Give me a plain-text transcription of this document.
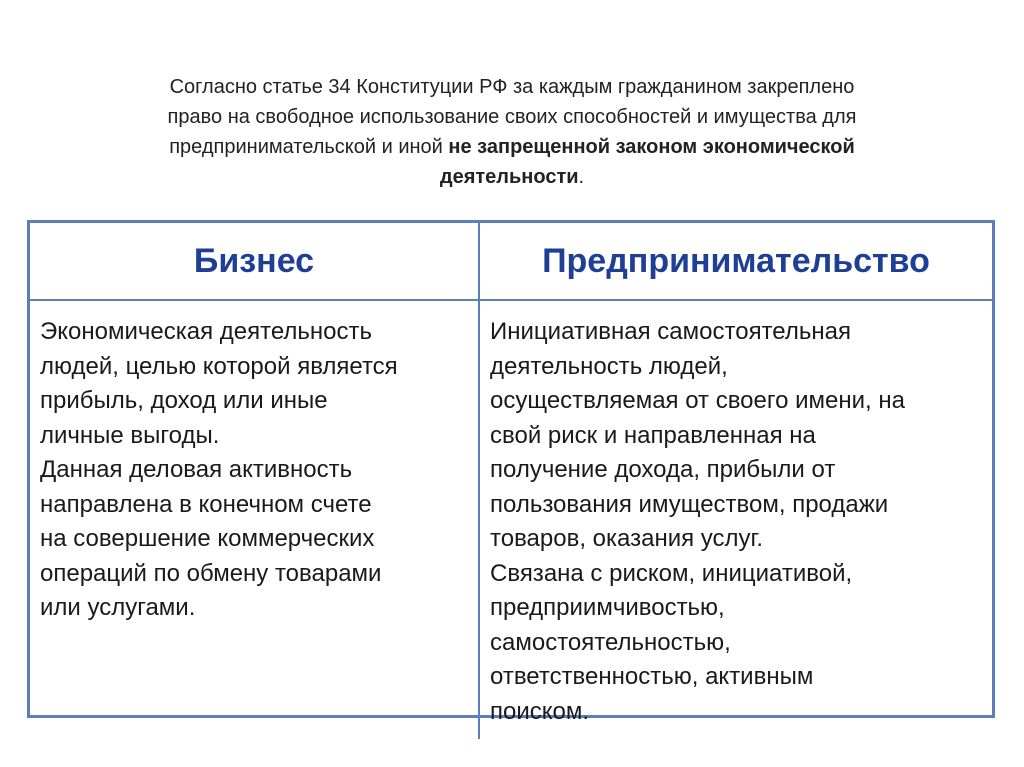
Согласно статье 34 Конституции РФ за каждым гражданином закреплено
право на свободное использование своих способностей и имущества для
предпринимательской и иной не запрещенной законом экономической
деятельности.
Бизнес	Предпринимательство
Экономическая деятельность
людей, целью которой является
прибыль, доход или иные
личные выгоды.
Данная деловая активность
направлена в конечном счете
на совершение коммерческих
операций по обмену товарами
или услугами.
Инициативная самостоятельная
деятельность людей,
осуществляемая от своего имени, на
свой риск и направленная на
получение дохода, прибыли от
пользования имуществом, продажи
товаров, оказания услуг.
Связана с риском, инициативой,
предприимчивостью,
самостоятельностью,
ответственностью, активным
поиском.
